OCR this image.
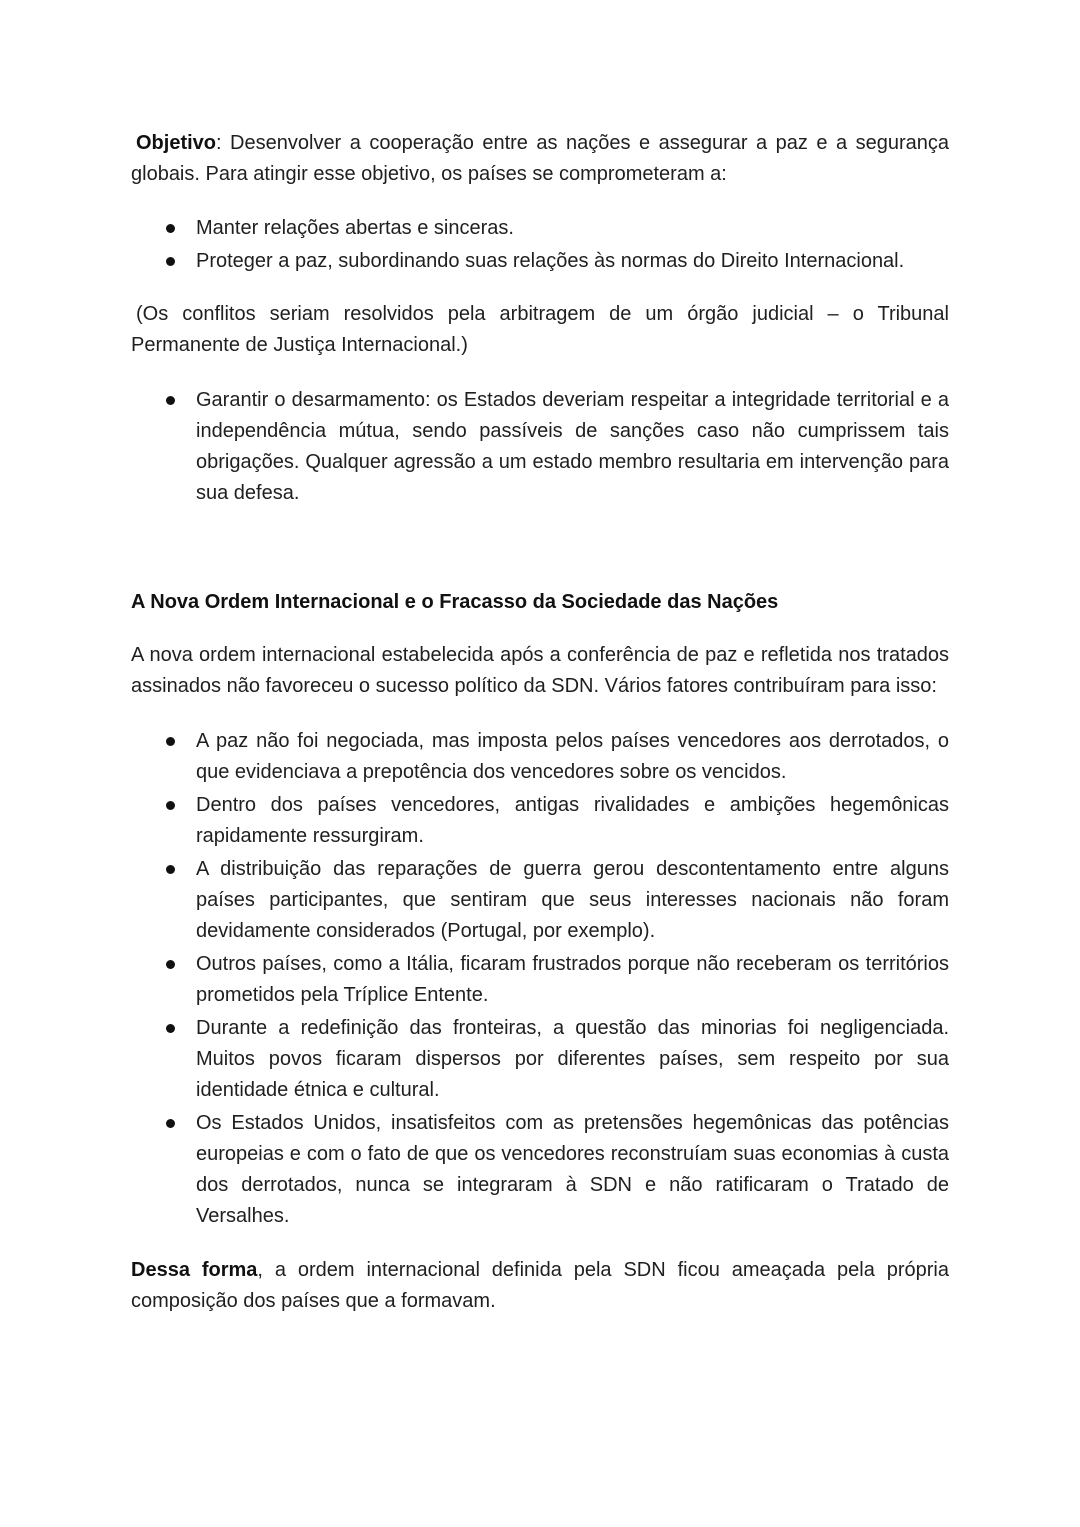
Objetivo: Desenvolver a cooperação entre as nações e assegurar a paz e a segurança globais. Para atingir esse objetivo, os países se comprometeram a:

Manter relações abertas e sinceras.
Proteger a paz, subordinando suas relações às normas do Direito Internacional.

(Os conflitos seriam resolvidos pela arbitragem de um órgão judicial – o Tribunal Permanente de Justiça Internacional.)

Garantir o desarmamento: os Estados deveriam respeitar a integridade territorial e a independência mútua, sendo passíveis de sanções caso não cumprissem tais obrigações. Qualquer agressão a um estado membro resultaria em intervenção para sua defesa.
A Nova Ordem Internacional e o Fracasso da Sociedade das Nações

A nova ordem internacional estabelecida após a conferência de paz e refletida nos tratados assinados não favoreceu o sucesso político da SDN. Vários fatores contribuíram para isso:

A paz não foi negociada, mas imposta pelos países vencedores aos derrotados, o que evidenciava a prepotência dos vencedores sobre os vencidos.
Dentro dos países vencedores, antigas rivalidades e ambições hegemônicas rapidamente ressurgiram.
A distribuição das reparações de guerra gerou descontentamento entre alguns países participantes, que sentiram que seus interesses nacionais não foram devidamente considerados (Portugal, por exemplo).
Outros países, como a Itália, ficaram frustrados porque não receberam os territórios prometidos pela Tríplice Entente.
Durante a redefinição das fronteiras, a questão das minorias foi negligenciada. Muitos povos ficaram dispersos por diferentes países, sem respeito por sua identidade étnica e cultural.
Os Estados Unidos, insatisfeitos com as pretensões hegemônicas das potências europeias e com o fato de que os vencedores reconstruíam suas economias à custa dos derrotados, nunca se integraram à SDN e não ratificaram o Tratado de Versalhes.

Dessa forma, a ordem internacional definida pela SDN ficou ameaçada pela própria composição dos países que a formavam.
